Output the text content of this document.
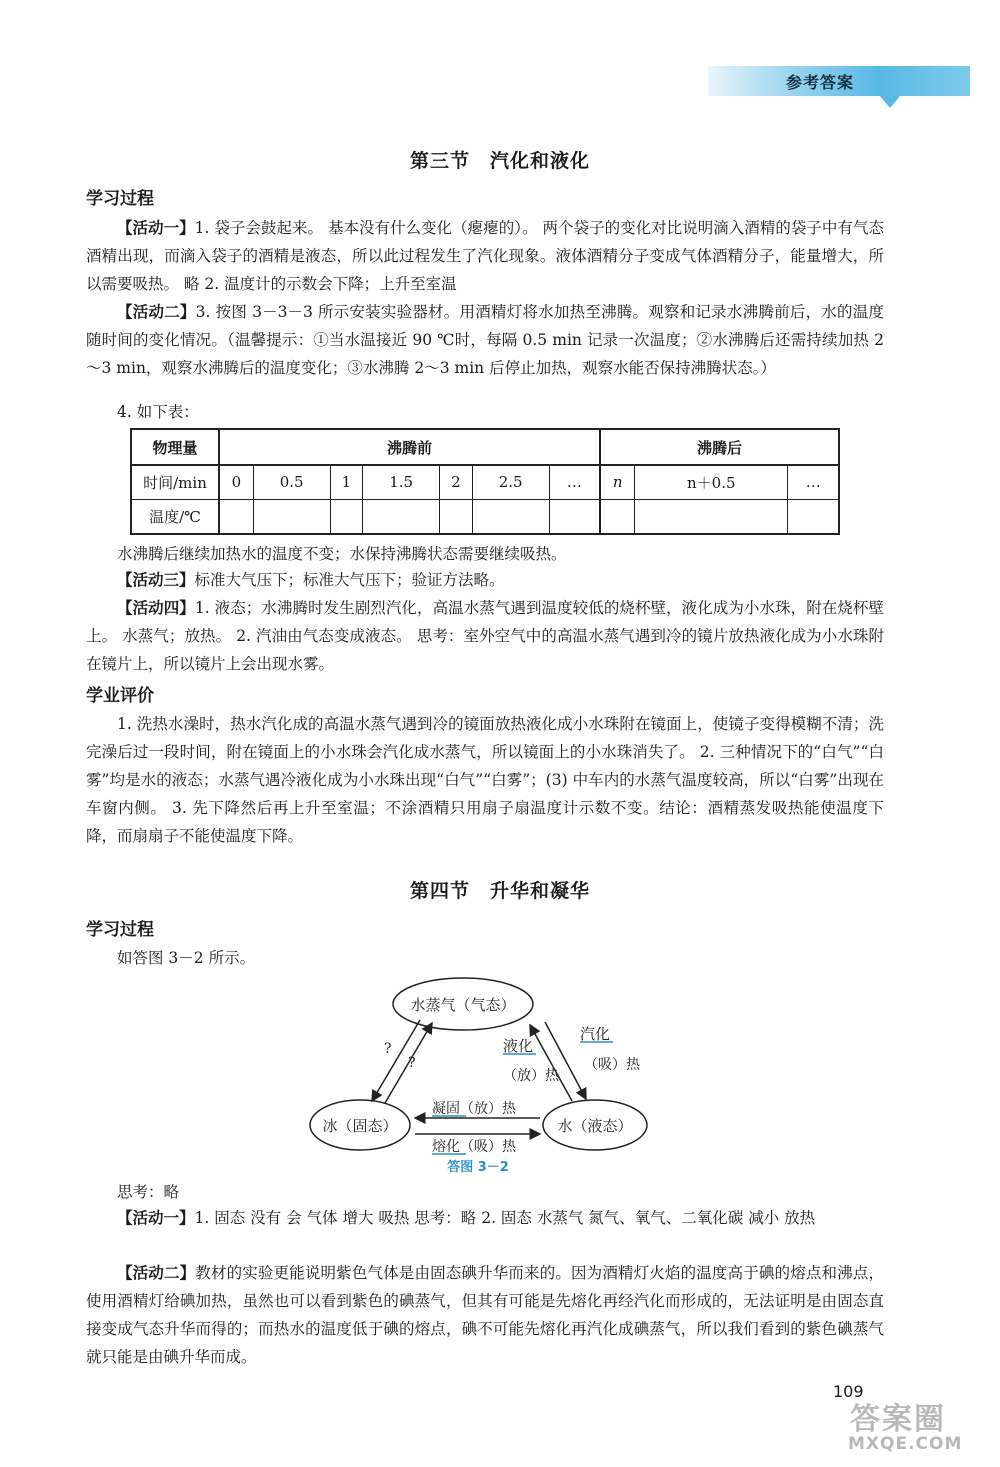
参考答案
第三节　汽化和液化
学习过程

【活动一】1. 袋子会鼓起来。 基本没有什么变化（瘪瘪的）。 两个袋子的变化对比说明滴入酒精的袋子中有气态酒精出现，而滴入袋子的酒精是液态，所以此过程发生了汽化现象。液体酒精分子变成气体酒精分子，能量增大，所以需要吸热。 略 2. 温度计的示数会下降；上升至室温

【活动二】3. 按图 3－3－3 所示安装实验器材。用酒精灯将水加热至沸腾。观察和记录水沸腾前后，水的温度随时间的变化情况。（温馨提示：①当水温接近 90 ℃时，每隔 0.5 min 记录一次温度；②水沸腾后还需持续加热 2～3 min，观察水沸腾后的温度变化；③水沸腾 2～3 min 后停止加热，观察水能否保持沸腾状态。）

4. 如下表：

物理量	沸腾前							沸腾后		
时间/min	0	0.5	1	1.5	2	2.5	…	n	n＋0.5	…
温度/℃										

水沸腾后继续加热水的温度不变；水保持沸腾状态需要继续吸热。

【活动三】标准大气压下；标准大气压下；验证方法略。

【活动四】1. 液态；水沸腾时发生剧烈汽化，高温水蒸气遇到温度较低的烧杯壁，液化成为小水珠，附在烧杯壁上。 水蒸气；放热。 2. 汽油由气态变成液态。 思考：室外空气中的高温水蒸气遇到冷的镜片放热液化成为小水珠附在镜片上，所以镜片上会出现水雾。

学业评价

1. 洗热水澡时，热水汽化成的高温水蒸气遇到冷的镜面放热液化成小水珠附在镜面上，使镜子变得模糊不清；洗完澡后过一段时间，附在镜面上的小水珠会汽化成水蒸气，所以镜面上的小水珠消失了。 2. 三种情况下的“白气”“白雾”均是水的液态；水蒸气遇冷液化成为小水珠出现“白气”“白雾”；(3) 中车内的水蒸气温度较高，所以“白雾”出现在车窗内侧。 3. 先下降然后再上升至室温；不涂酒精只用扇子扇温度计示数不变。结论：酒精蒸发吸热能使温度下降，而扇扇子不能使温度下降。

第四节　升华和凝华
学习过程

如答图 3－2 所示。

水蒸气（气态）
冰（固态）	水（液态）
?
?
液化
（放）热
汽化
（吸）热
凝固（放）热
熔化（吸）热
答图 3－2

思考：略

【活动一】1. 固态 没有 会 气体 增大 吸热 思考：略 2. 固态 水蒸气 氮气、氧气、二氧化碳 减小 放热

【活动二】教材的实验更能说明紫色气体是由固态碘升华而来的。因为酒精灯火焰的温度高于碘的熔点和沸点，使用酒精灯给碘加热，虽然也可以看到紫色的碘蒸气，但其有可能是先熔化再经汽化而形成的，无法证明是由固态直接变成气态升华而得的；而热水的温度低于碘的熔点，碘不可能先熔化再汽化成碘蒸气，所以我们看到的紫色碘蒸气就只能是由碘升华而成。

109
答案圈
MXQE.COM
